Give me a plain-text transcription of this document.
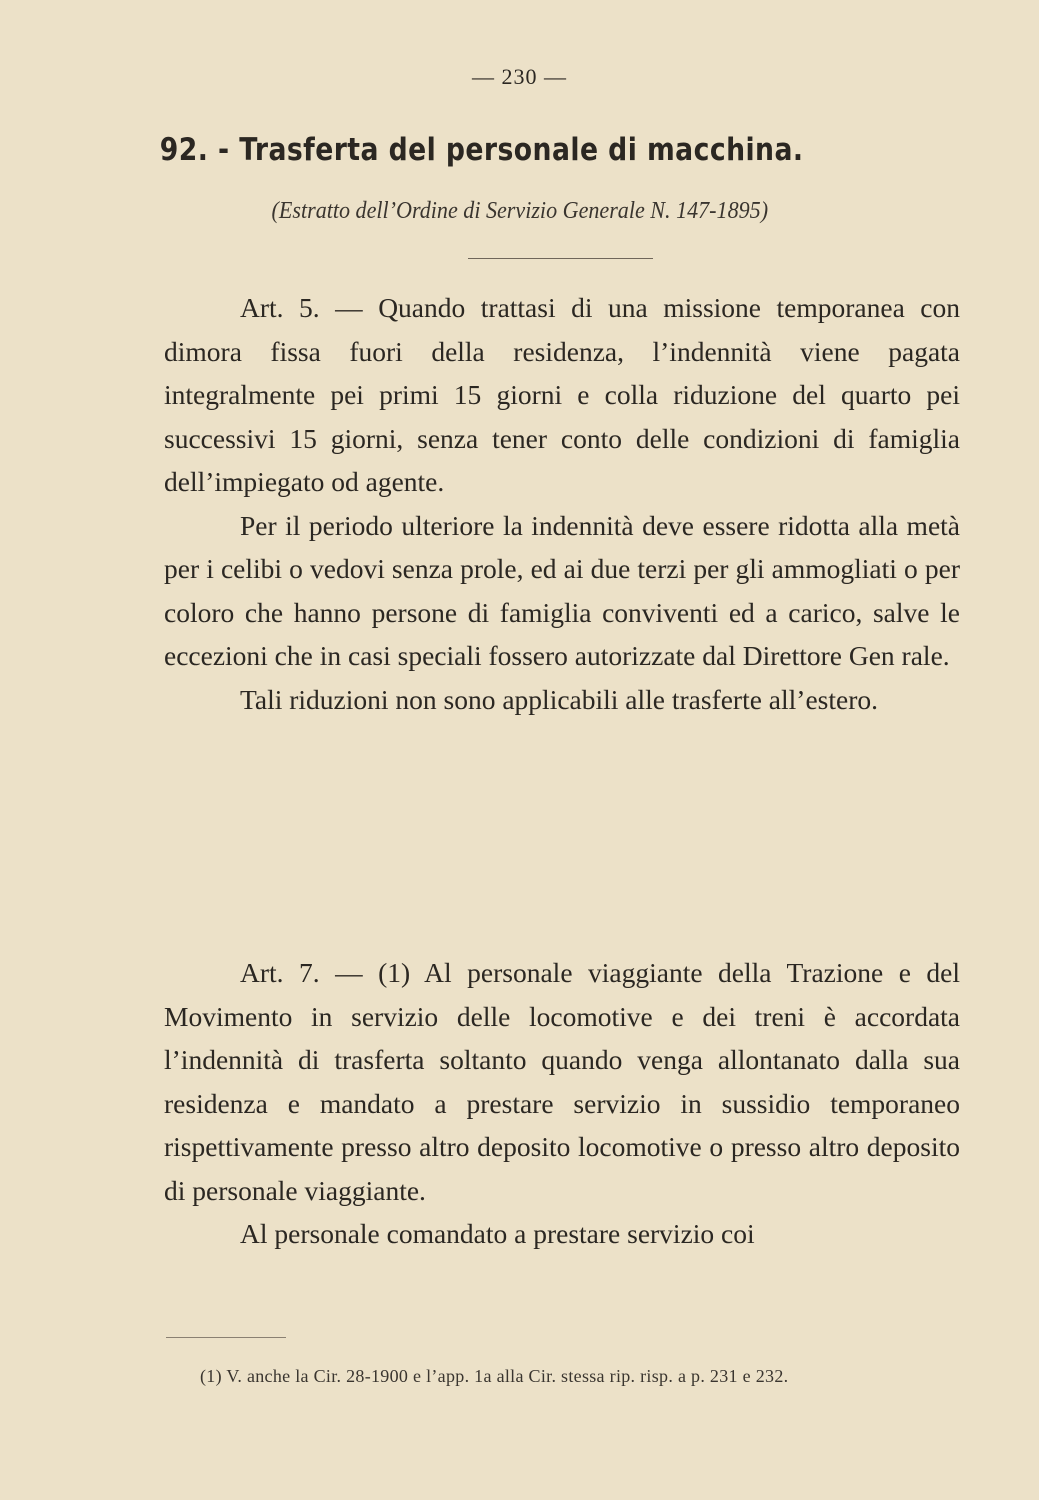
— 230 —
92. - Trasferta del personale di macchina.
(Estratto dell’Ordine di Servizio Generale N. 147-1895)

Art. 5. — Quando trattasi di una missione temporanea con dimora fissa fuori della residenza, l’indennità viene pagata integralmente pei primi 15 giorni e colla riduzione del quarto pei successivi 15 giorni, senza tener conto delle condizioni di famiglia dell’impiegato od agente.

Per il periodo ulteriore la indennità deve essere ridotta alla metà per i celibi o vedovi senza prole, ed ai due terzi per gli ammogliati o per coloro che hanno persone di famiglia conviventi ed a carico, salve le eccezioni che in casi speciali fossero autorizzate dal Direttore Gen rale.

Tali riduzioni non sono applicabili alle trasferte all’estero.

Art. 7. — (1) Al personale viaggiante della Trazione e del Movimento in servizio delle locomotive e dei treni è accordata l’indennità di trasferta soltanto quando venga allontanato dalla sua residenza e mandato a prestare servizio in sussidio temporaneo rispettivamente presso altro deposito locomotive o presso altro deposito di personale viaggiante.

Al personale comandato a prestare servizio coi

(1) V. anche la Cir. 28-1900 e l’app. 1a alla Cir. stessa rip. risp. a p. 231 e 232.
